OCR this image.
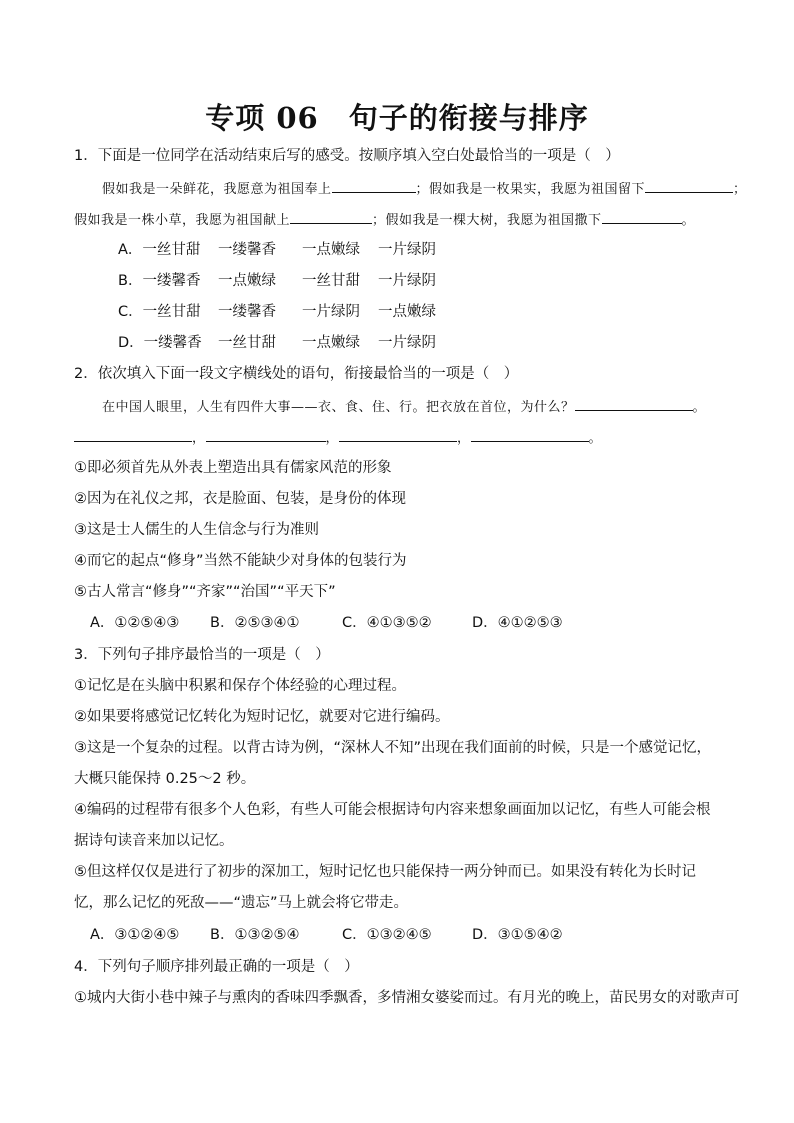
专项 06　句子的衔接与排序
1．下面是一位同学在活动结束后写的感受。按顺序填入空白处最恰当的一项是（　）
假如我是一朵鲜花，我愿意为祖国奉上	；假如我是一枚果实，我愿为祖国留下	；
假如我是一株小草，我愿为祖国献上	；假如我是一棵大树，我愿为祖国撒下	。
A．一丝甘甜 一缕馨香 一点嫩绿 一片绿阴
B．一缕馨香 一点嫩绿 一丝甘甜 一片绿阴
C．一丝甘甜 一缕馨香 一片绿阴 一点嫩绿
D．一缕馨香 一丝甘甜 一点嫩绿 一片绿阴
2．依次填入下面一段文字横线处的语句，衔接最恰当的一项是（　）
在中国人眼里，人生有四件大事——衣、食、住、行。把衣放在首位，为什么？	。
，	，	，	。
①即必须首先从外表上塑造出具有儒家风范的形象
②因为在礼仪之邦，衣是脸面、包装，是身份的体现
③这是士人儒生的人生信念与行为准则
④而它的起点“修身”当然不能缺少对身体的包装行为
⑤古人常言“修身”“齐家”“治国”“平天下”
A．①②⑤④③ B．②⑤③④①	C．④①③⑤②	D．④①②⑤③
3．下列句子排序最恰当的一项是（　）
①记忆是在头脑中积累和保存个体经验的心理过程。
②如果要将感觉记忆转化为短时记忆，就要对它进行编码。
③这是一个复杂的过程。以背古诗为例，“深林人不知”出现在我们面前的时候，只是一个感觉记忆，大概只能保持 0.25～2 秒。
④编码的过程带有很多个人色彩，有些人可能会根据诗句内容来想象画面加以记忆，有些人可能会根据诗句读音来加以记忆。
⑤但这样仅仅是进行了初步的深加工，短时记忆也只能保持一两分钟而已。如果没有转化为长时记忆，那么记忆的死敌——“遗忘”马上就会将它带走。
A．③①②④⑤ B．①③②⑤④	C．①③②④⑤	D．③①⑤④②
4．下列句子顺序排列最正确的一项是（　）
①城内大街小巷中辣子与熏肉的香味四季飘香，多情湘女婆娑而过。有月光的晚上，苗民男女的对歌声可
